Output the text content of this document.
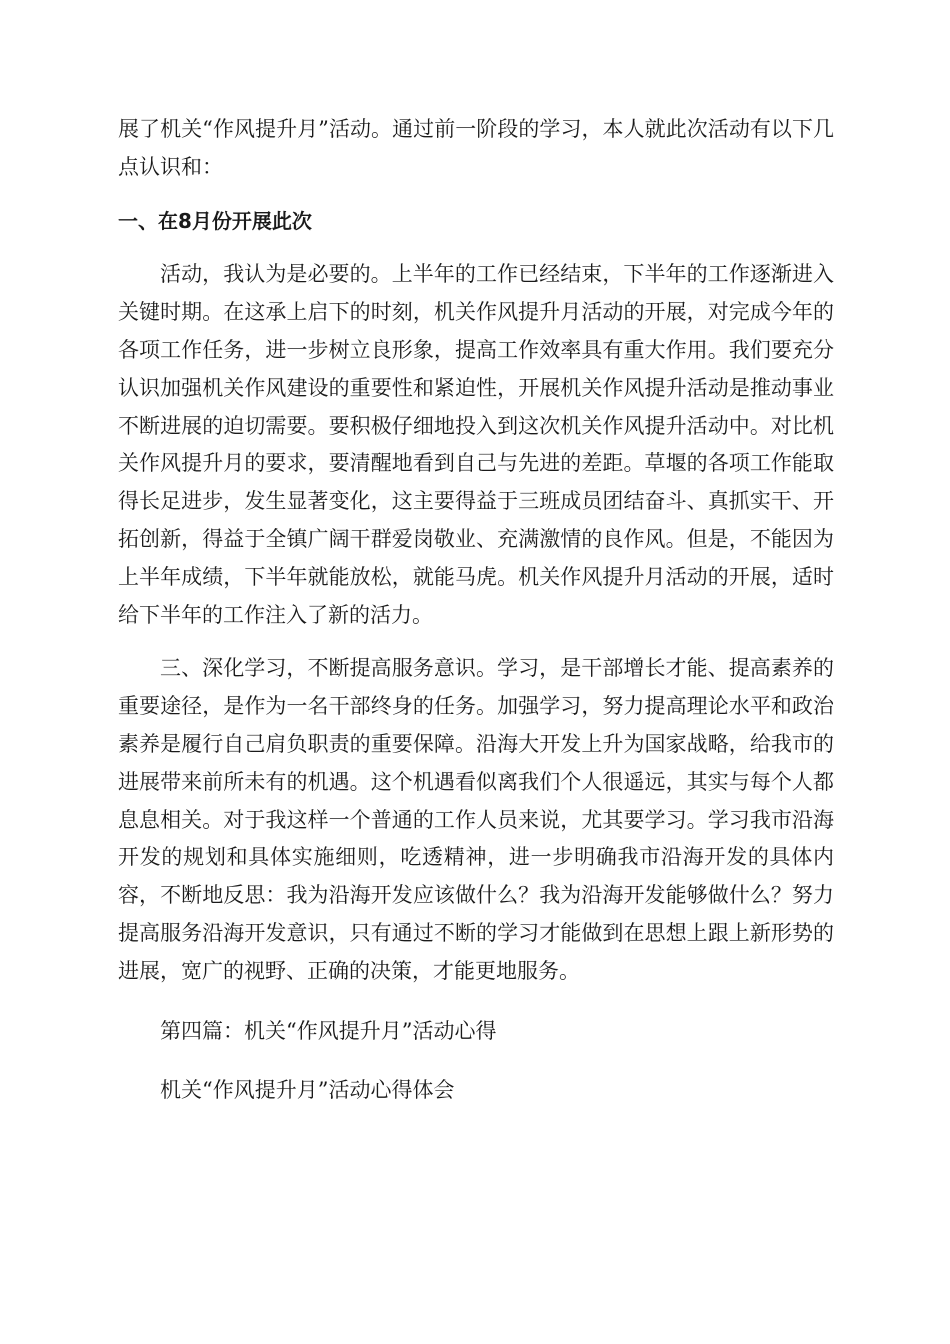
展了机关“作风提升月”活动。通过前一阶段的学习，本人就此次活动有以下几点认识和：

一、在8月份开展此次

活动，我认为是必要的。上半年的工作已经结束，下半年的工作逐渐进入关键时期。在这承上启下的时刻，机关作风提升月活动的开展，对完成今年的各项工作任务，进一步树立良形象，提高工作效率具有重大作用。我们要充分认识加强机关作风建设的重要性和紧迫性，开展机关作风提升活动是推动事业不断进展的迫切需要。要积极仔细地投入到这次机关作风提升活动中。对比机关作风提升月的要求，要清醒地看到自己与先进的差距。草堰的各项工作能取得长足进步，发生显著变化，这主要得益于三班成员团结奋斗、真抓实干、开拓创新，得益于全镇广阔干群爱岗敬业、充满激情的良作风。但是，不能因为上半年成绩，下半年就能放松，就能马虎。机关作风提升月活动的开展，适时给下半年的工作注入了新的活力。

三、深化学习，不断提高服务意识。学习，是干部增长才能、提高素养的重要途径，是作为一名干部终身的任务。加强学习，努力提高理论水平和政治素养是履行自己肩负职责的重要保障。沿海大开发上升为国家战略，给我市的进展带来前所未有的机遇。这个机遇看似离我们个人很遥远，其实与每个人都息息相关。对于我这样一个普通的工作人员来说，尤其要学习。学习我市沿海开发的规划和具体实施细则，吃透精神，进一步明确我市沿海开发的具体内容，不断地反思：我为沿海开发应该做什么？我为沿海开发能够做什么？努力提高服务沿海开发意识，只有通过不断的学习才能做到在思想上跟上新形势的进展，宽广的视野、正确的决策，才能更地服务。

第四篇：机关“作风提升月”活动心得

机关“作风提升月”活动心得体会
